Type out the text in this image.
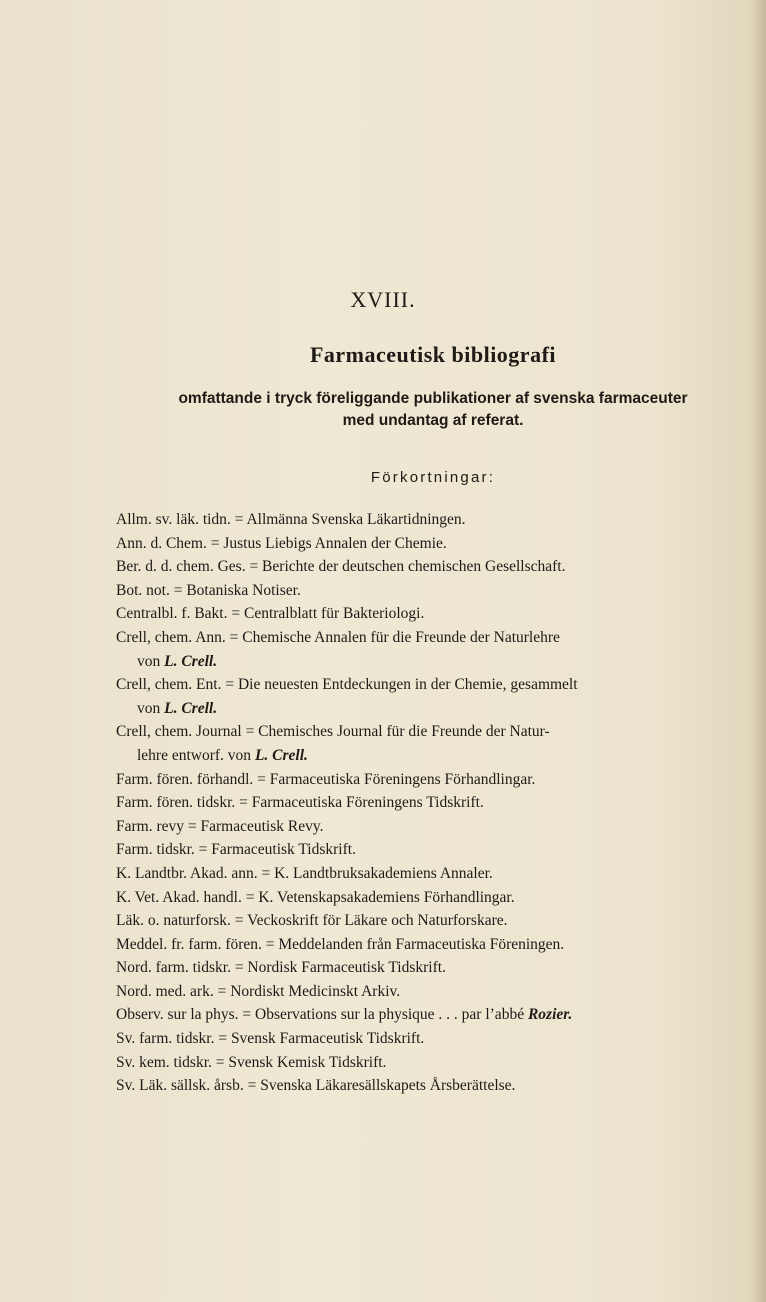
XVIII.
Farmaceutisk bibliografi
omfattande i tryck föreliggande publikationer af svenska farmaceuter
med undantag af referat.
Förkortningar:
Allm. sv. läk. tidn. = Allmänna Svenska Läkartidningen.
Ann. d. Chem. = Justus Liebigs Annalen der Chemie.
Ber. d. d. chem. Ges. = Berichte der deutschen chemischen Gesellschaft.
Bot. not. = Botaniska Notiser.
Centralbl. f. Bakt. = Centralblatt für Bakteriologi.
Crell, chem. Ann. = Chemische Annalen für die Freunde der Naturlehre
von L. Crell.
Crell, chem. Ent. = Die neuesten Entdeckungen in der Chemie, gesammelt
von L. Crell.
Crell, chem. Journal = Chemisches Journal für die Freunde der Natur-
lehre entworf. von L. Crell.
Farm. fören. förhandl. = Farmaceutiska Föreningens Förhandlingar.
Farm. fören. tidskr. = Farmaceutiska Föreningens Tidskrift.
Farm. revy = Farmaceutisk Revy.
Farm. tidskr. = Farmaceutisk Tidskrift.
K. Landtbr. Akad. ann. = K. Landtbruksakademiens Annaler.
K. Vet. Akad. handl. = K. Vetenskapsakademiens Förhandlingar.
Läk. o. naturforsk. = Veckoskrift för Läkare och Naturforskare.
Meddel. fr. farm. fören. = Meddelanden från Farmaceutiska Föreningen.
Nord. farm. tidskr. = Nordisk Farmaceutisk Tidskrift.
Nord. med. ark. = Nordiskt Medicinskt Arkiv.
Observ. sur la phys. = Observations sur la physique . . . par l’abbé Rozier.
Sv. farm. tidskr. = Svensk Farmaceutisk Tidskrift.
Sv. kem. tidskr. = Svensk Kemisk Tidskrift.
Sv. Läk. sällsk. årsb. = Svenska Läkaresällskapets Årsberättelse.
